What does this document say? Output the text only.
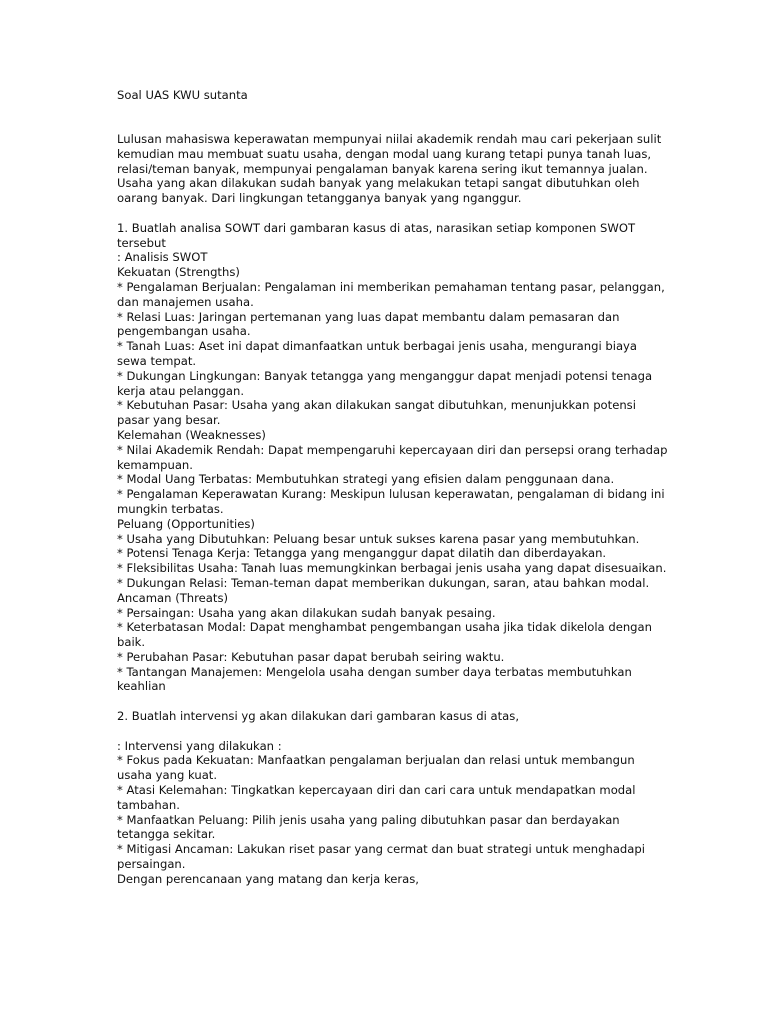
Soal UAS KWU sutanta

Lulusan mahasiswa keperawatan mempunyai niilai akademik rendah mau cari pekerjaan sulit kemudian mau membuat suatu usaha, dengan modal uang kurang tetapi punya tanah luas, relasi/teman banyak, mempunyai pengalaman banyak karena sering ikut temannya jualan. Usaha yang akan dilakukan sudah banyak yang melakukan tetapi sangat dibutuhkan oleh oarang banyak. Dari lingkungan tetangganya banyak yang nganggur.

1. Buatlah analisa SOWT dari gambaran kasus di atas, narasikan setiap komponen SWOT tersebut

: Analisis SWOT

Kekuatan (Strengths)

* Pengalaman Berjualan: Pengalaman ini memberikan pemahaman tentang pasar, pelanggan, dan manajemen usaha.

* Relasi Luas: Jaringan pertemanan yang luas dapat membantu dalam pemasaran dan pengembangan usaha.

* Tanah Luas: Aset ini dapat dimanfaatkan untuk berbagai jenis usaha, mengurangi biaya sewa tempat.

* Dukungan Lingkungan: Banyak tetangga yang menganggur dapat menjadi potensi tenaga kerja atau pelanggan.

* Kebutuhan Pasar: Usaha yang akan dilakukan sangat dibutuhkan, menunjukkan potensi pasar yang besar.

Kelemahan (Weaknesses)

* Nilai Akademik Rendah: Dapat mempengaruhi kepercayaan diri dan persepsi orang terhadap kemampuan.

* Modal Uang Terbatas: Membutuhkan strategi yang efisien dalam penggunaan dana.

* Pengalaman Keperawatan Kurang: Meskipun lulusan keperawatan, pengalaman di bidang ini mungkin terbatas.

Peluang (Opportunities)

* Usaha yang Dibutuhkan: Peluang besar untuk sukses karena pasar yang membutuhkan.

* Potensi Tenaga Kerja: Tetangga yang menganggur dapat dilatih dan diberdayakan.

* Fleksibilitas Usaha: Tanah luas memungkinkan berbagai jenis usaha yang dapat disesuaikan.

* Dukungan Relasi: Teman-teman dapat memberikan dukungan, saran, atau bahkan modal.

Ancaman (Threats)

* Persaingan: Usaha yang akan dilakukan sudah banyak pesaing.

* Keterbatasan Modal: Dapat menghambat pengembangan usaha jika tidak dikelola dengan baik.

* Perubahan Pasar: Kebutuhan pasar dapat berubah seiring waktu.

* Tantangan Manajemen: Mengelola usaha dengan sumber daya terbatas membutuhkan keahlian

2. Buatlah intervensi yg akan dilakukan dari gambaran kasus di atas,

: Intervensi yang dilakukan :

* Fokus pada Kekuatan: Manfaatkan pengalaman berjualan dan relasi untuk membangun usaha yang kuat.

* Atasi Kelemahan: Tingkatkan kepercayaan diri dan cari cara untuk mendapatkan modal tambahan.

* Manfaatkan Peluang: Pilih jenis usaha yang paling dibutuhkan pasar dan berdayakan tetangga sekitar.

* Mitigasi Ancaman: Lakukan riset pasar yang cermat dan buat strategi untuk menghadapi persaingan.

Dengan perencanaan yang matang dan kerja keras,
